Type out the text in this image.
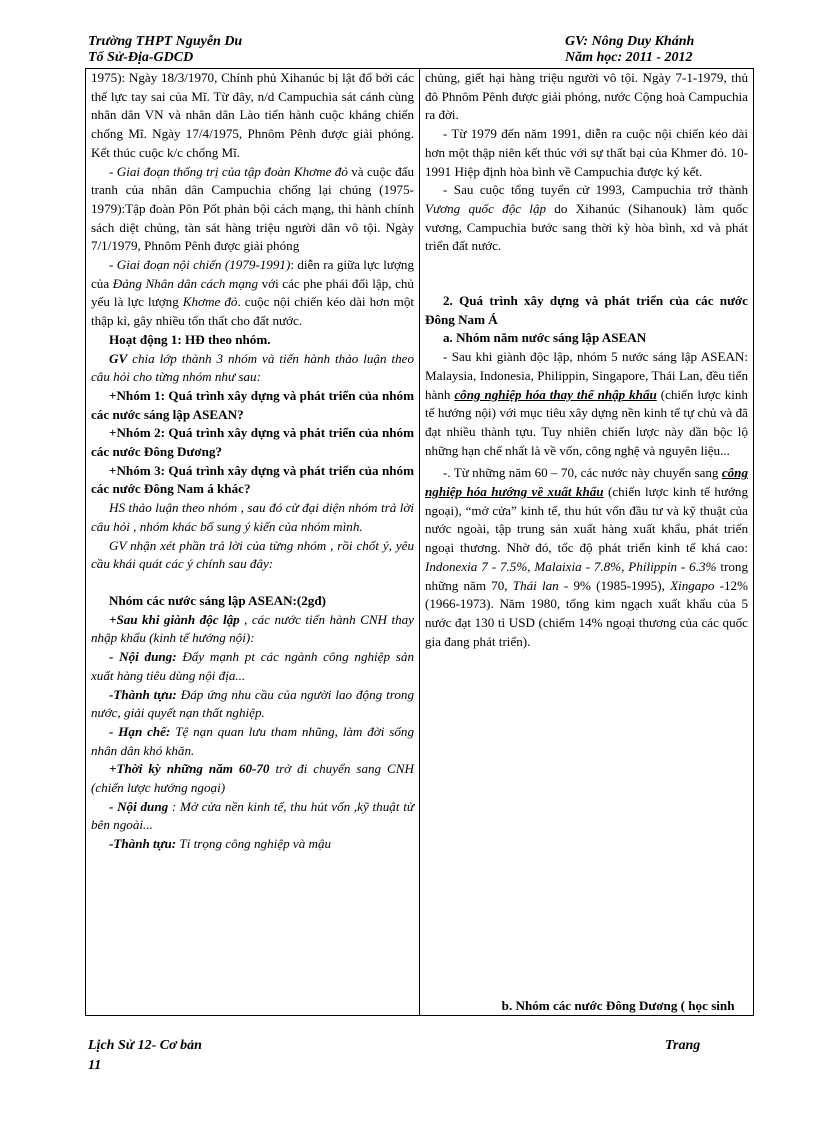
Trường THPT Nguyễn Du
Tổ Sử-Địa-GDCD
GV: Nông Duy Khánh
Năm học: 2011 - 2012

1975): Ngày 18/3/1970, Chính phủ Xihanúc bị lật đổ bởi các thế lực tay sai của Mĩ. Từ đây, n/d Campuchia sát cánh cùng nhân dân VN và nhân dân Lào tiến hành cuộc kháng chiến chống Mĩ. Ngày 17/4/1975, Phnôm Pênh được giải phóng. Kết thúc cuộc k/c chống Mĩ.

- Giai đoạn thống trị của tập đoàn Khơme đỏ và cuộc đấu tranh của nhân dân Campuchia chống lại chúng (1975-1979):Tập đoàn Pôn Pốt phản bội cách mạng, thi hành chính sách diệt chủng, tàn sát hàng triệu người dân vô tội. Ngày 7/1/1979, Phnôm Pênh được giải phóng

- Giai đoạn nội chiến (1979-1991): diễn ra giữa lực lượng của Đảng Nhân dân cách mạng với các phe phái đối lập, chủ yếu là lực lượng Khơme đỏ. cuộc nội chiến kéo dài hơn một thập kỉ, gây nhiều tổn thất cho đất nước.

Hoạt động 1: HĐ theo nhóm.

GV chia lớp thành 3 nhóm và tiến hành thảo luận theo câu hỏi cho từng nhóm như sau:

+Nhóm 1: Quá trình xây dựng và phát triển của nhóm các nước sáng lập ASEAN?

+Nhóm 2: Quá trình xây dựng và phát triển của nhóm các nước Đông Dương?

+Nhóm 3: Quá trình xây dựng và phát triển của nhóm các nước Đông Nam á khác?

HS thảo luận theo nhóm , sau đó cử đại diện nhóm trả lời câu hỏi , nhóm khác bổ sung ý kiến của nhóm mình.

GV nhận xét phần trả lời của từng nhóm , rồi chốt ý, yêu cầu khái quát các ý chính sau đây:

Nhóm các nước sáng lập ASEAN:(2gđ)

+Sau khi giành độc lập , các nước tiến hành CNH thay nhập khẩu (kinh tế hướng nội):

- Nội dung: Đẩy mạnh pt các ngành công nghiệp sản xuất hàng tiêu dùng nội địa...

-Thành tựu: Đáp ứng nhu cầu của người lao động trong nước, giải quyết nạn thất nghiệp.

- Hạn chế: Tệ nạn quan lưu tham nhũng, làm đời sống nhân dân khó khăn.

+Thời kỳ những năm 60-70 trở đi chuyển sang CNH (chiến lược hướng ngoại)

- Nội dung : Mở cửa nền kinh tế, thu hút vốn ,kỹ thuật từ bên ngoài...

-Thành tựu: Tỉ trọng công nghiệp và mậu

chủng, giết hại hàng triệu người vô tội. Ngày 7-1-1979, thủ đô Phnôm Pênh được giải phóng, nước Cộng hoà Campuchia ra đời.

- Từ 1979 đến năm 1991, diễn ra cuộc nội chiến kéo dài hơn một thập niên kết thúc với sự thất bại của Khmer đỏ. 10-1991 Hiệp định hòa bình về Campuchia được ký kết.

- Sau cuộc tổng tuyển cử 1993, Campuchia trở thành Vương quốc độc lập do Xihanúc (Sihanouk) làm quốc vương, Campuchia bước sang thời kỳ hòa bình, xd và phát triển đất nước.

2. Quá trình xây dựng và phát triển của các nước Đông Nam Á

a. Nhóm năm nước sáng lập ASEAN

- Sau khi giành độc lập, nhóm 5 nước sáng lập ASEAN: Malaysia, Indonesia, Philippin, Singapore, Thái Lan, đều tiến hành công nghiệp hóa thay thế nhập khẩu (chiến lược kinh tế hướng nội) với mục tiêu xây dựng nền kinh tế tự chủ và đã đạt nhiều thành tựu. Tuy nhiên chiến lược này dần bộc lộ những hạn chế nhất là về vốn, công nghệ và nguyên liệu...

-. Từ những năm 60 – 70, các nước này chuyển sang công nghiệp hóa hướng về xuất khẩu (chiến lược kinh tế hướng ngoại), “mở cửa” kinh tế, thu hút vốn đầu tư và kỹ thuật của nước ngoài, tập trung sản xuất hàng xuất khẩu, phát triển ngoại thương. Nhờ đó, tốc độ phát triển kinh tế khá cao: Indonexia 7 - 7.5%, Malaixia - 7.8%, Philippin - 6.3% trong những năm 70, Thái lan - 9% (1985-1995), Xingapo -12% (1966-1973). Năm 1980, tổng kim ngạch xuất khẩu của 5 nước đạt 130 tỉ USD (chiếm 14% ngoại thương của các quốc gia đang phát triển).

b. Nhóm các nước Đông Dương ( học sinh

Lịch Sử 12- Cơ bản
11
Trang
